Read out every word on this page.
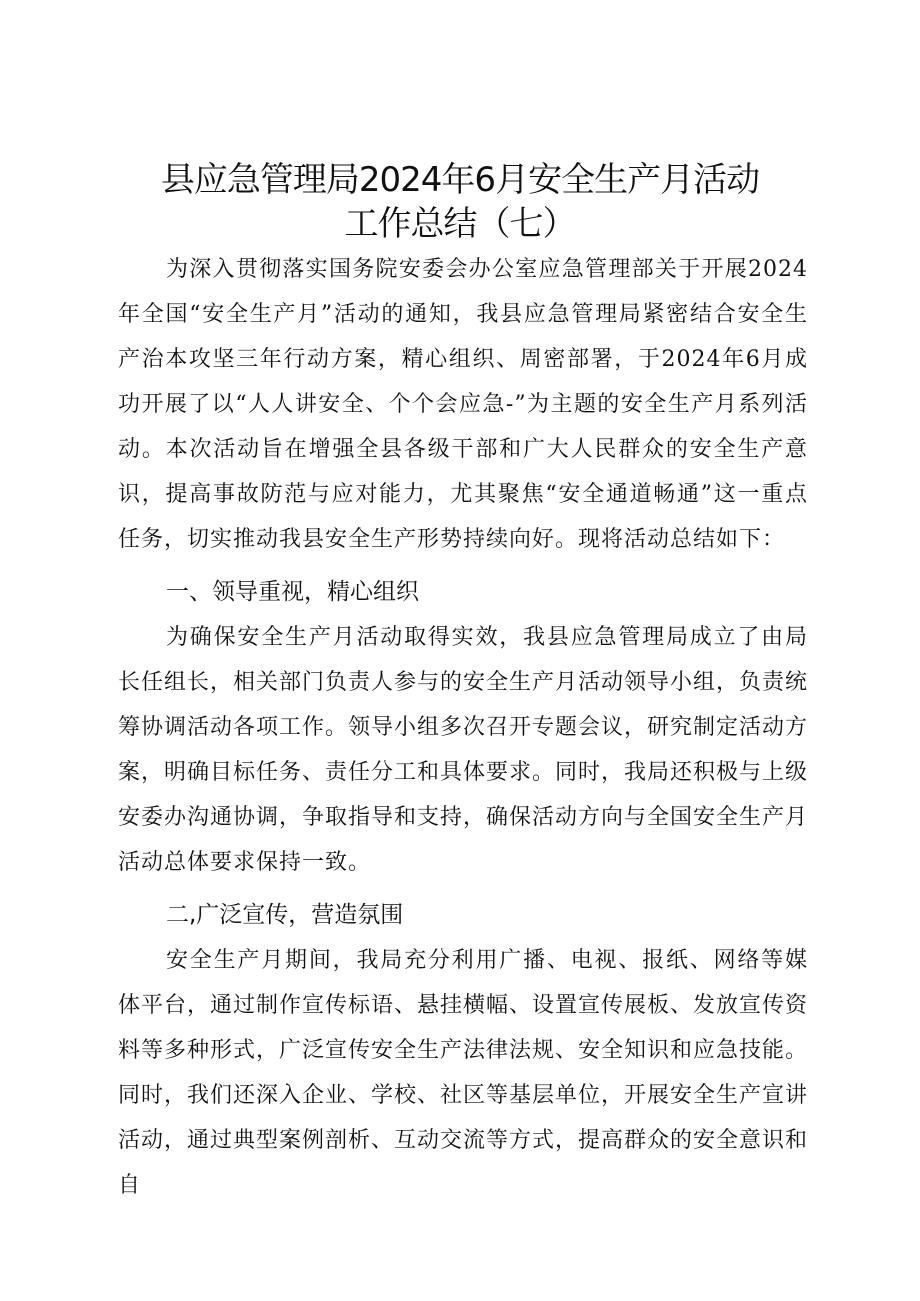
县应急管理局2024年6月安全生产月活动
工作总结（七）

为深入贯彻落实国务院安委会办公室应急管理部关于开展2024年全国“安全生产月”活动的通知，我县应急管理局紧密结合安全生产治本攻坚三年行动方案，精心组织、周密部署，于2024年6月成功开展了以“人人讲安全、个个会应急-”为主题的安全生产月系列活动。本次活动旨在增强全县各级干部和广大人民群众的安全生产意识，提高事故防范与应对能力，尤其聚焦“安全通道畅通”这一重点任务，切实推动我县安全生产形势持续向好。现将活动总结如下：

一、领导重视，精心组织

为确保安全生产月活动取得实效，我县应急管理局成立了由局长任组长，相关部门负责人参与的安全生产月活动领导小组，负责统筹协调活动各项工作。领导小组多次召开专题会议，研究制定活动方案，明确目标任务、责任分工和具体要求。同时，我局还积极与上级安委办沟通协调，争取指导和支持，确保活动方向与全国安全生产月活动总体要求保持一致。

二,广泛宣传，营造氛围

安全生产月期间，我局充分利用广播、电视、报纸、网络等媒体平台，通过制作宣传标语、悬挂横幅、设置宣传展板、发放宣传资料等多种形式，广泛宣传安全生产法律法规、安全知识和应急技能。同时，我们还深入企业、学校、社区等基层单位，开展安全生产宣讲活动，通过典型案例剖析、互动交流等方式，提高群众的安全意识和自
